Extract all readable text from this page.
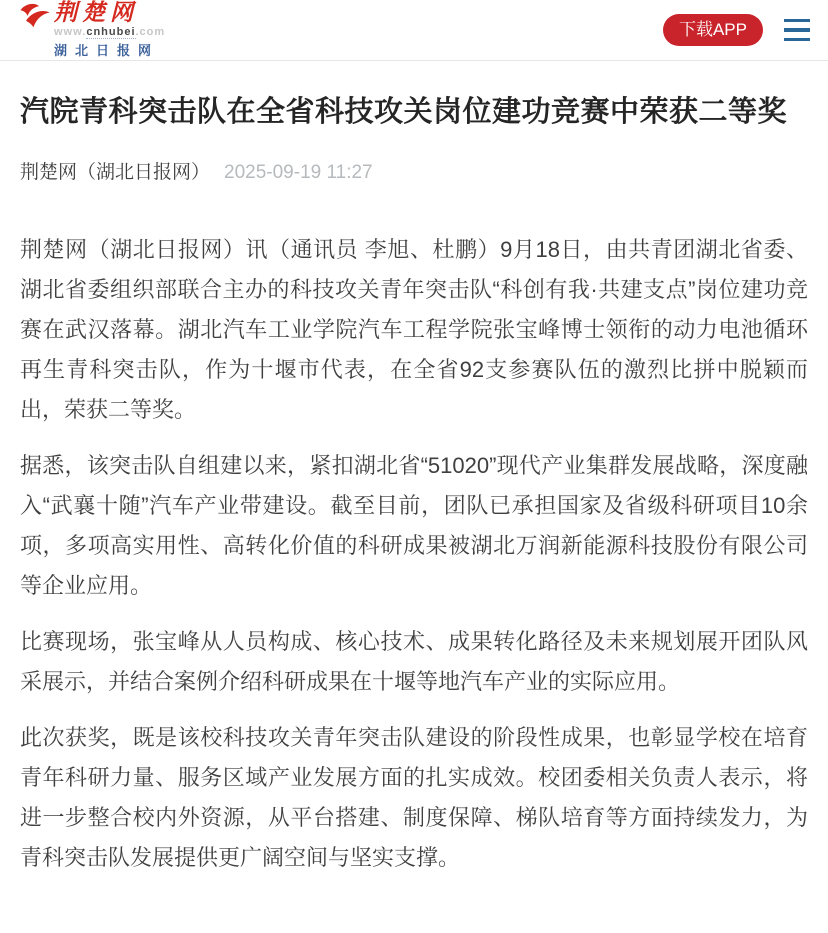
荆楚网
www.cnhubei.com
湖北日报网
下载APP
汽院青科突击队在全省科技攻关岗位建功竞赛中荣获二等奖
荆楚网（湖北日报网） 2025-09-19 11:27

荆楚网（湖北日报网）讯（通讯员 李旭、杜鹏）9月18日，由共青团湖北省委、湖北省委组织部联合主办的科技攻关青年突击队“科创有我·共建支点”岗位建功竞赛在武汉落幕。湖北汽车工业学院汽车工程学院张宝峰博士领衔的动力电池循环再生青科突击队，作为十堰市代表，在全省92支参赛队伍的激烈比拼中脱颖而出，荣获二等奖。

据悉，该突击队自组建以来，紧扣湖北省“51020”现代产业集群发展战略，深度融入“武襄十随”汽车产业带建设。截至目前，团队已承担国家及省级科研项目10余项，多项高实用性、高转化价值的科研成果被湖北万润新能源科技股份有限公司等企业应用。

比赛现场，张宝峰从人员构成、核心技术、成果转化路径及未来规划展开团队风采展示，并结合案例介绍科研成果在十堰等地汽车产业的实际应用。

此次获奖，既是该校科技攻关青年突击队建设的阶段性成果，也彰显学校在培育青年科研力量、服务区域产业发展方面的扎实成效。校团委相关负责人表示，将进一步整合校内外资源，从平台搭建、制度保障、梯队培育等方面持续发力，为青科突击队发展提供更广阔空间与坚实支撑。
